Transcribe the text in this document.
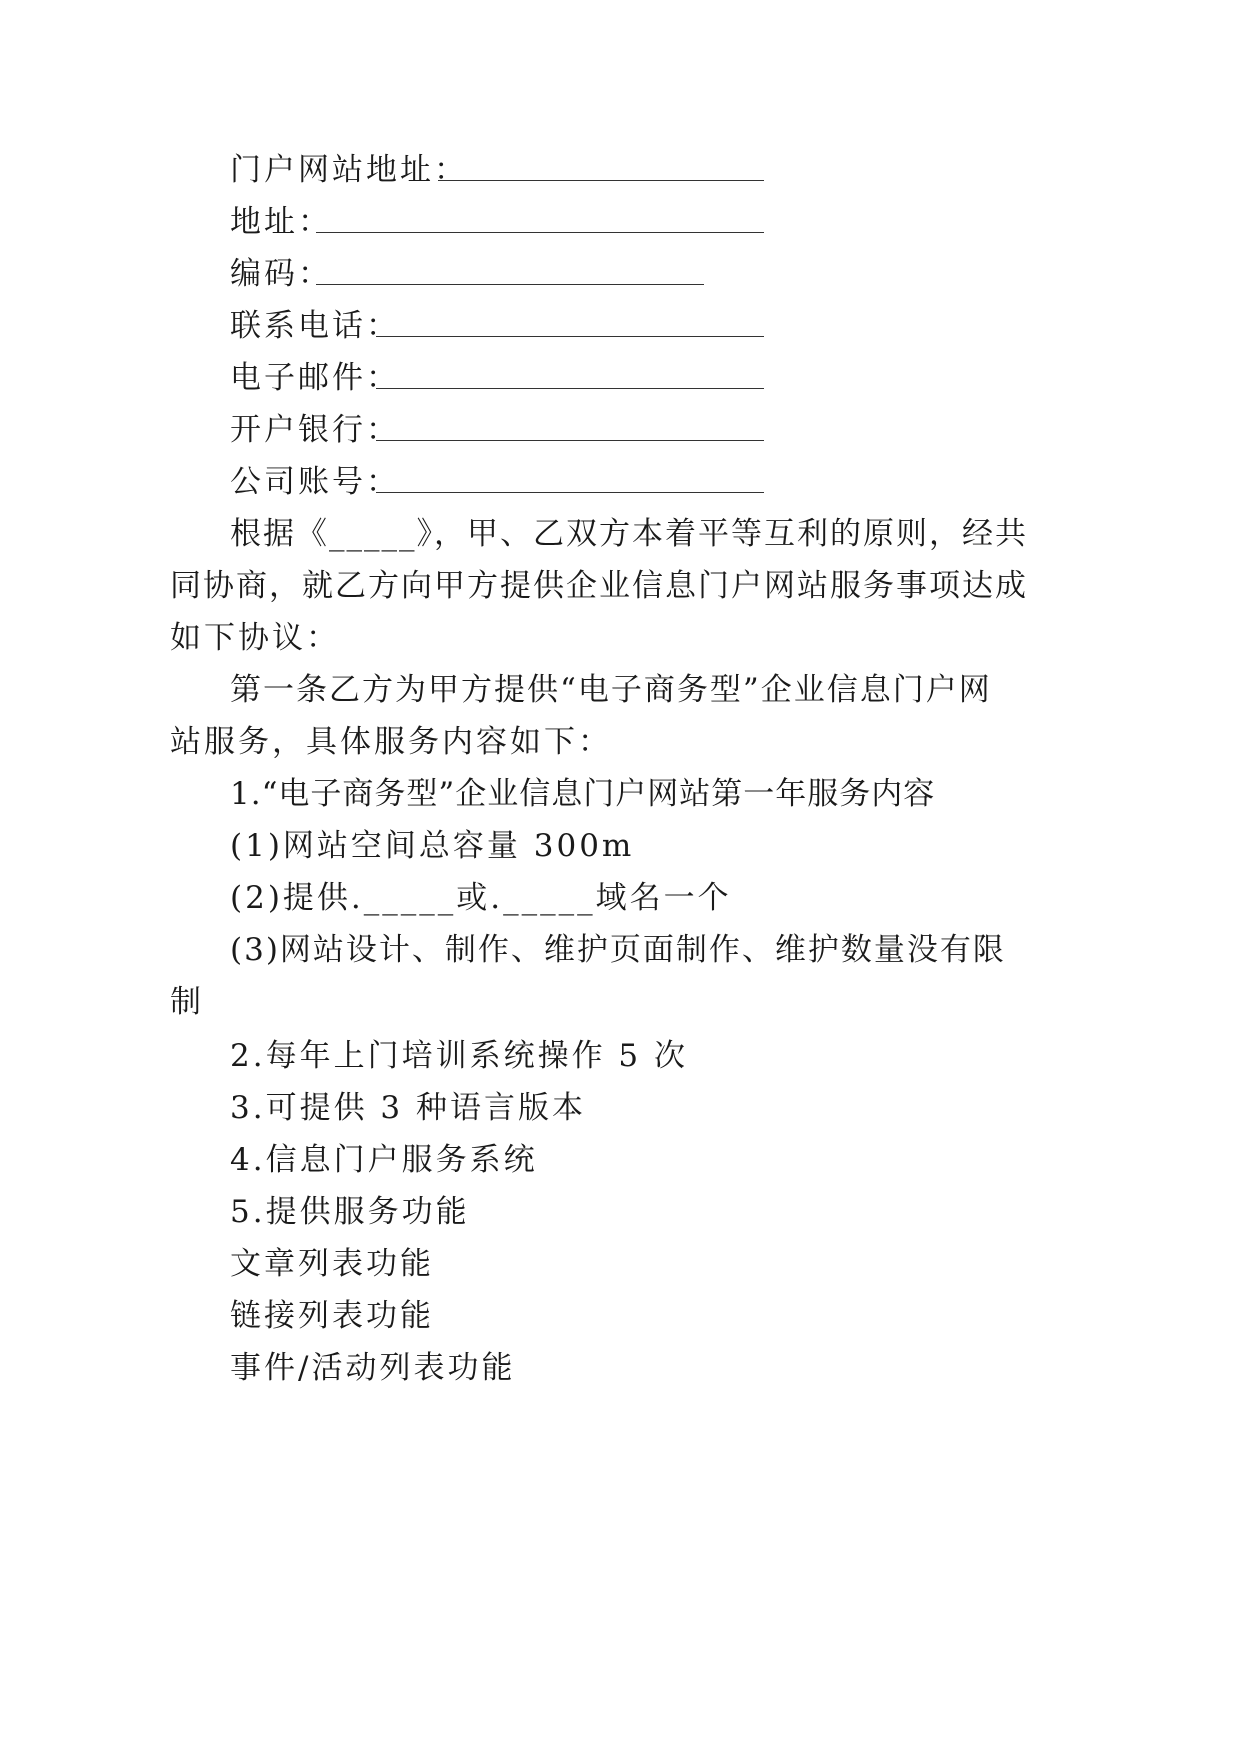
门户网站地址：
地址：
编码：
联系电话：
电子邮件：
开户银行：
公司账号：
根据《_____》，甲、乙双方本着平等互利的原则，经共
同协商，就乙方向甲方提供企业信息门户网站服务事项达成
如下协议：
第一条乙方为甲方提供“电子商务型”企业信息门户网
站服务，具体服务内容如下：
1.“电子商务型”企业信息门户网站第一年服务内容
(1)网站空间总容量 300m
(2)提供._____或._____域名一个
(3)网站设计、制作、维护页面制作、维护数量没有限
制
2.每年上门培训系统操作 5 次
3.可提供 3 种语言版本
4.信息门户服务系统
5.提供服务功能
文章列表功能
链接列表功能
事件/活动列表功能
